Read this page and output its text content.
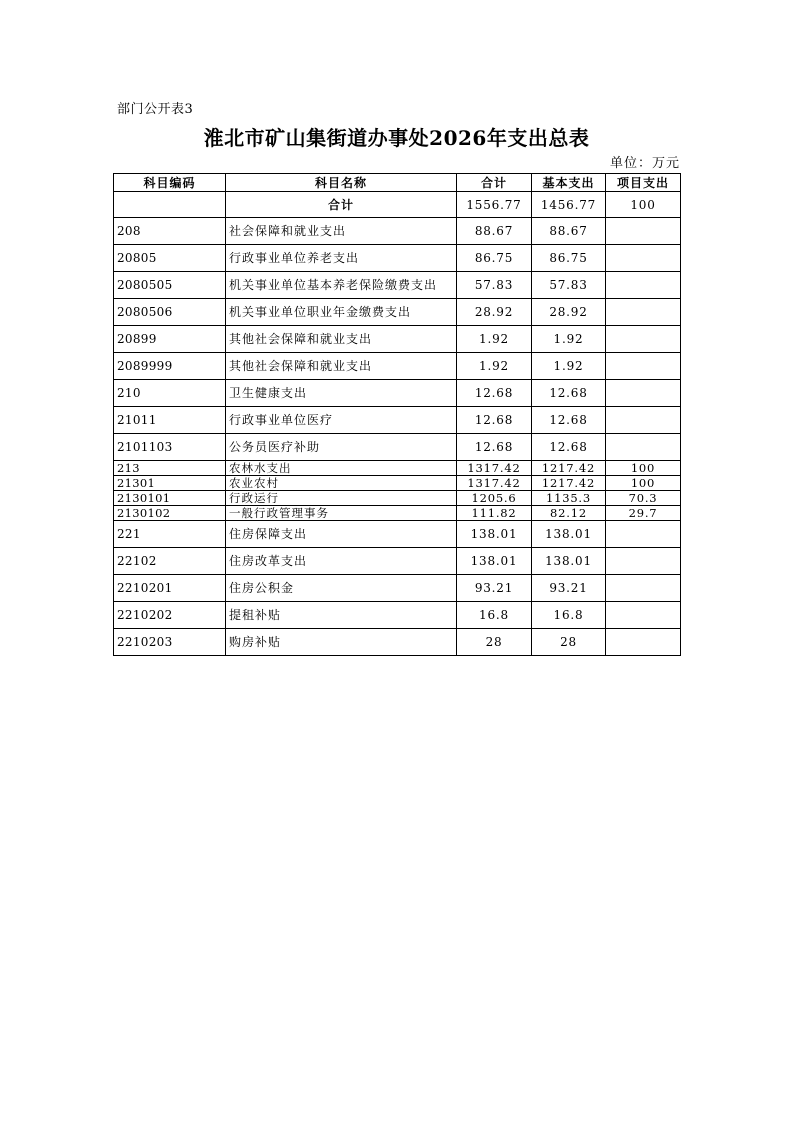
部门公开表3
淮北市矿山集街道办事处2026年支出总表
单位：万元
科目编码	科目名称	合计	基本支出	项目支出
	合计	1556.77	1456.77	100
208	社会保障和就业支出	88.67	88.67	
20805	行政事业单位养老支出	86.75	86.75	
2080505	机关事业单位基本养老保险缴费支出	57.83	57.83	
2080506	机关事业单位职业年金缴费支出	28.92	28.92	
20899	其他社会保障和就业支出	1.92	1.92	
2089999	其他社会保障和就业支出	1.92	1.92	
210	卫生健康支出	12.68	12.68	
21011	行政事业单位医疗	12.68	12.68	
2101103	公务员医疗补助	12.68	12.68	
213	农林水支出	1317.42	1217.42	100
21301	农业农村	1317.42	1217.42	100
2130101	行政运行	1205.6	1135.3	70.3
2130102	一般行政管理事务	111.82	82.12	29.7
221	住房保障支出	138.01	138.01	
22102	住房改革支出	138.01	138.01	
2210201	住房公积金	93.21	93.21	
2210202	提租补贴	16.8	16.8	
2210203	购房补贴	28	28	
